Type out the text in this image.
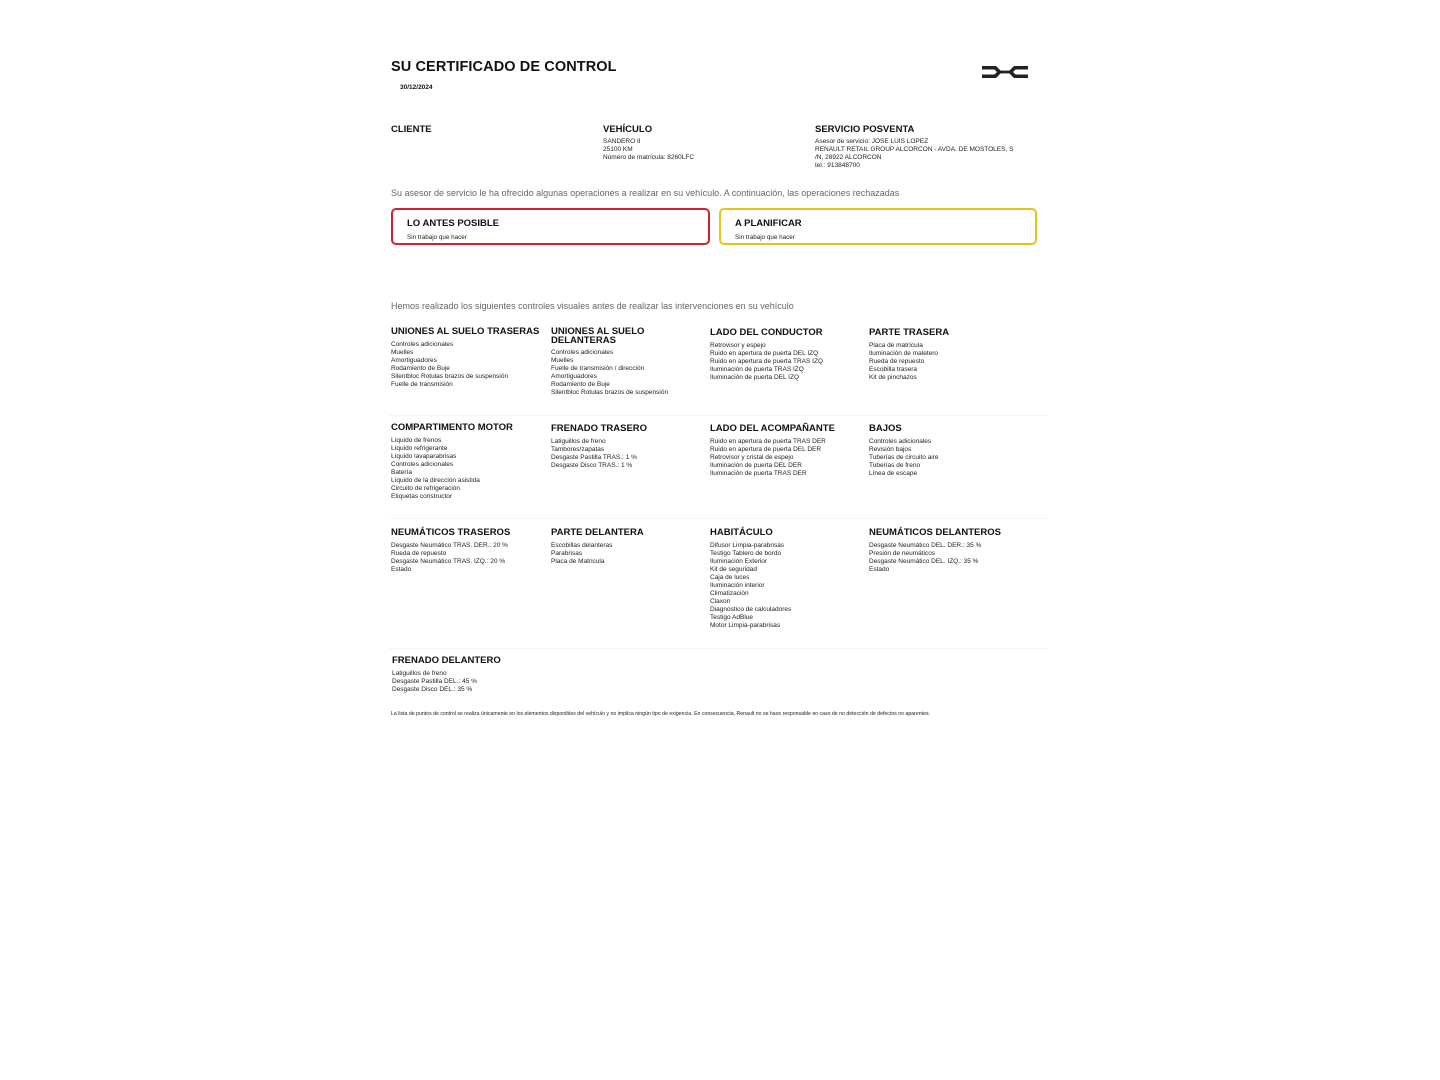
SU CERTIFICADO DE CONTROL
30/12/2024
CLIENTE	VEHÍCULO
SANDERO II
25100 KM
Número de matrícula: 8260LFC
SERVICIO POSVENTA
Asesor de servicio: JOSE LUIS LOPEZ
RENAULT RETAIL GROUP ALCORCON - AVDA. DE MOSTOLES, S
/N, 28922 ALCORCON
tel.: 913848700
Su asesor de servicio le ha ofrecido algunas operaciones a realizar en su vehículo. A continuación, las operaciones rechazadas
LO ANTES POSIBLE
Sin trabajo que hacer
A PLANIFICAR
Sin trabajo que hacer
Hemos realizado los siguientes controles visuales antes de realizar las intervenciones en su vehículo
UNIONES AL SUELO TRASERAS
Controles adicionales
Muelles
Amortiguadores
Rodamiento de Buje
Silentbloc Rotulas brazos de suspensión
Fuelle de transmisión
UNIONES AL SUELO DELANTERAS
Controles adicionales
Muelles
Fuelle de transmisión / dirección
Amortiguadores
Rodamiento de Buje
Silentbloc Rotulas brazos de suspensión
LADO DEL CONDUCTOR
Retrovisor y espejo
Ruido en apertura de puerta DEL IZQ
Ruido en apertura de puerta TRAS IZQ
Iluminación de puerta TRAS IZQ
Iluminación de puerta DEL IZQ
PARTE TRASERA
Placa de matrícula
Iluminación de maletero
Rueda de repuesto
Escobilla trasera
Kit de pinchazos
COMPARTIMENTO MOTOR
Líquido de frenos
Líquido refrigerante
Líquido lavaparabrisas
Controles adicionales
Batería
Líquido de la dirección asistida
Circuito de refrigeración
Etiquetas constructor
FRENADO TRASERO
Latiguillos de freno
Tambores/zapatas
Desgaste Pastilla TRAS.: 1 %
Desgaste Disco TRAS.: 1 %
LADO DEL ACOMPAÑANTE
Ruido en apertura de puerta TRAS DER
Ruido en apertura de puerta DEL DER
Retrovisor y cristal de espejo
Iluminación de puerta DEL DER
Iluminación de puerta TRAS DER
BAJOS
Controles adicionales
Revisión bajos
Tuberías de circuito aire
Tuberías de freno
Línea de escape
NEUMÁTICOS TRASEROS
Desgaste Neumático TRAS. DER.: 20 %
Rueda de repuesto
Desgaste Neumático TRAS. IZQ.: 20 %
Estado
PARTE DELANTERA
Escobillas delanteras
Parabrisas
Placa de Matricula
HABITÁCULO
Difusor Limpia-parabrisas
Testigo Tablero de bordo
Iluminación Exterior
Kit de seguridad
Caja de luces
Iluminación interior
Climatización
Claxon
Diagnostico de calculadores
Testigo AdBlue
Motor Limpia-parabrisas
NEUMÁTICOS DELANTEROS
Desgaste Neumático DEL. DER.: 35 %
Presión de neumáticos
Desgaste Neumático DEL. IZQ.: 35 %
Estado
FRENADO DELANTERO
Latiguillos de freno
Desgaste Pastilla DEL.: 45 %
Desgaste Disco DEL.: 35 %
La lista de puntos de control se realiza únicamente en los elementos disponibles del vehículo y no implica ningún tipo de exigencia. En consecuencia, Renault no se hace responsable en caso de no detección de defectos no aparentes.
